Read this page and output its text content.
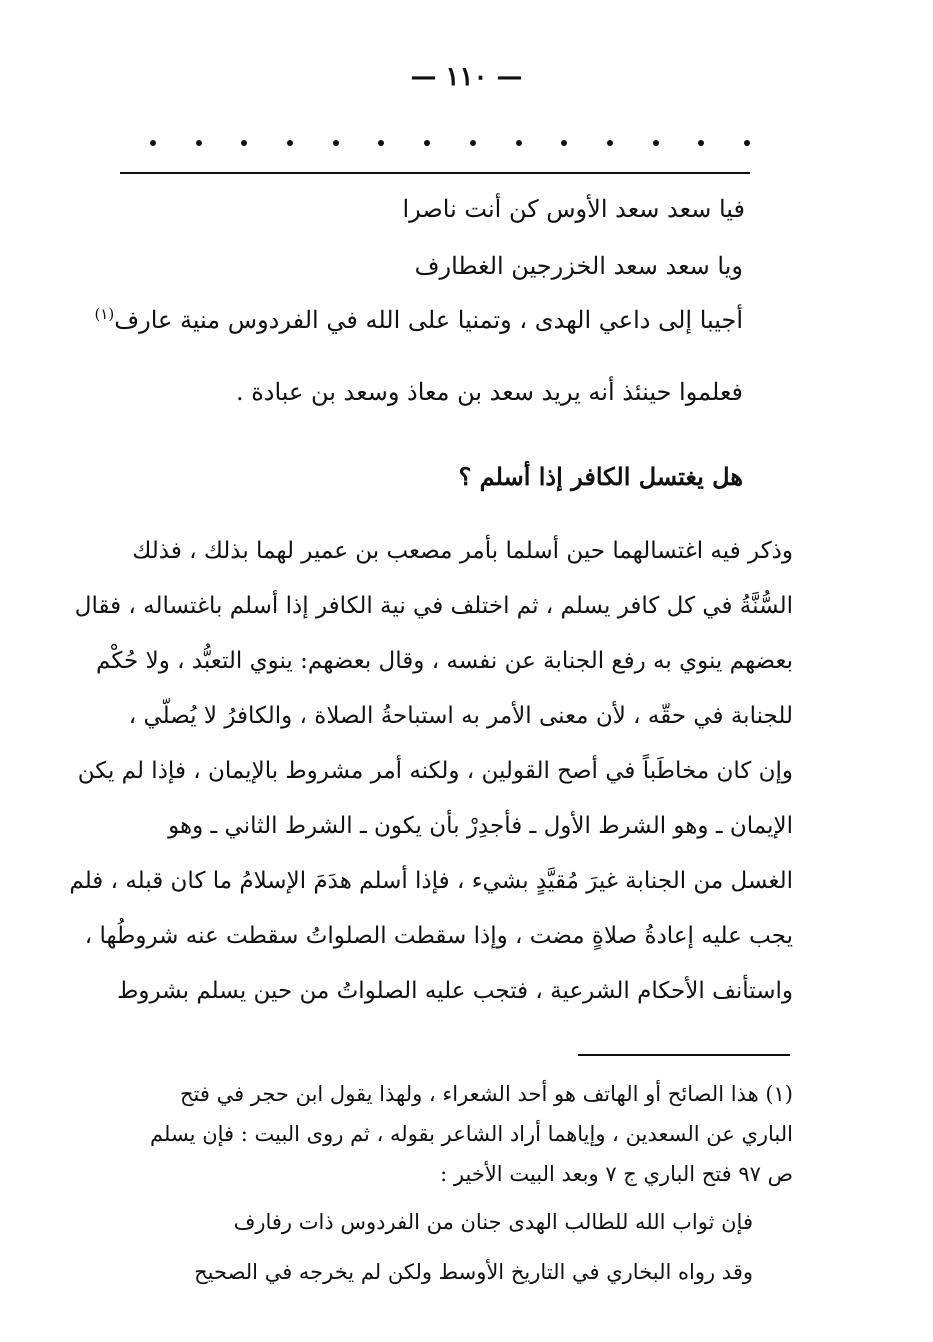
— ١١٠ —
فيا سعد سعد الأوس كن أنت ناصرا
ويا سعد سعد الخزرجين الغطارف
أجيبا إلى داعي الهدى ، وتمنيا على الله في الفردوس منية عارف$^{(١)}$
فعلموا حينئذ أنه يريد سعد بن معاذ وسعد بن عبادة .
هل يغتسل الكافر إذا أسلم ؟
وذكر فيه اغتسالهما حين أسلما بأمر مصعب بن عمير لهما بذلك ، فذلك
السُّنَّةُ في كل كافر يسلم ، ثم اختلف في نية الكافر إذا أسلم باغتساله ، فقال
بعضهم ينوي به رفع الجنابة عن نفسه ، وقال بعضهم: ينوي التعبُّد ، ولا حُكْم
للجنابة في حقّه ، لأن معنى الأمر به استباحةُ الصلاة ، والكافرُ لا يُصلّي ،
وإن كان مخاطَباً في أصح القولين ، ولكنه أمر مشروط بالإيمان ، فإذا لم يكن
الإيمان ـ وهو الشرط الأول ـ فأجدِرْ بأن يكون ـ الشرط الثاني ـ وهو
الغسل من الجنابة غيرَ مُقيَّدٍ بشيء ، فإذا أسلم هدَمَ الإسلامُ ما كان قبله ، فلم
يجب عليه إعادةُ صلاةٍ مضت ، وإذا سقطت الصلواتُ سقطت عنه شروطُها ،
واستأنف الأحكام الشرعية ، فتجب عليه الصلواتُ من حين يسلم بشروط
(١) هذا الصائح أو الهاتف هو أحد الشعراء ، ولهذا يقول ابن حجر في فتح
الباري عن السعدين ، وإياهما أراد الشاعر بقوله ، ثم روى البيت : فإن يسلم
ص ٩٧ فتح الباري ج ٧ وبعد البيت الأخير :
فإن ثواب الله للطالب الهدى جنان من الفردوس ذات رفارف
وقد رواه البخاري في التاريخ الأوسط ولكن لم يخرجه في الصحيح
